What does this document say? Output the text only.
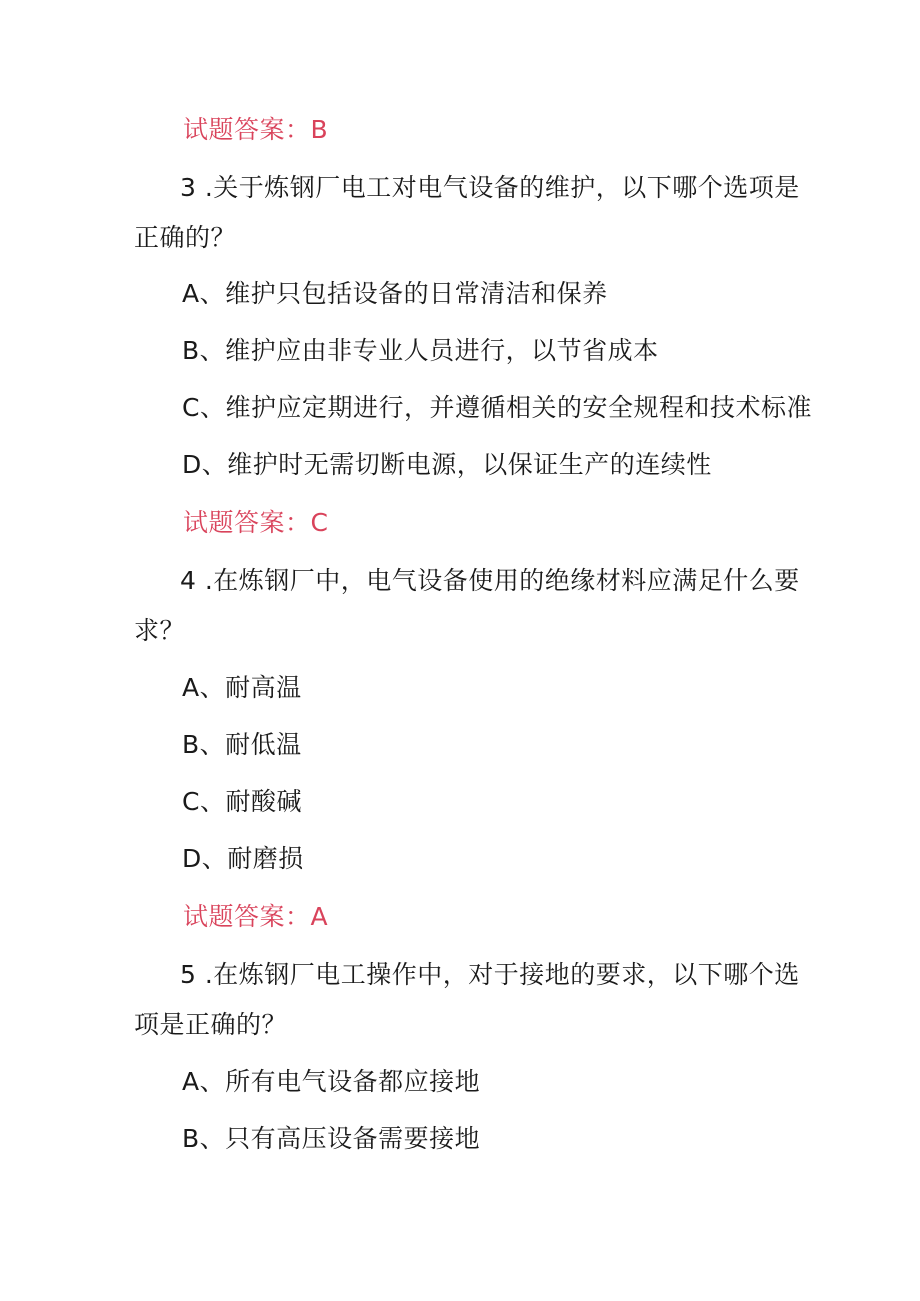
试题答案：B
3 .关于炼钢厂电工对电气设备的维护，以下哪个选项是
正确的？
A、维护只包括设备的日常清洁和保养
B、维护应由非专业人员进行，以节省成本
C、维护应定期进行，并遵循相关的安全规程和技术标准
D、维护时无需切断电源，以保证生产的连续性
试题答案：C
4 .在炼钢厂中，电气设备使用的绝缘材料应满足什么要
求？
A、耐高温
B、耐低温
C、耐酸碱
D、耐磨损
试题答案：A
5 .在炼钢厂电工操作中，对于接地的要求，以下哪个选
项是正确的？
A、所有电气设备都应接地
B、只有高压设备需要接地
